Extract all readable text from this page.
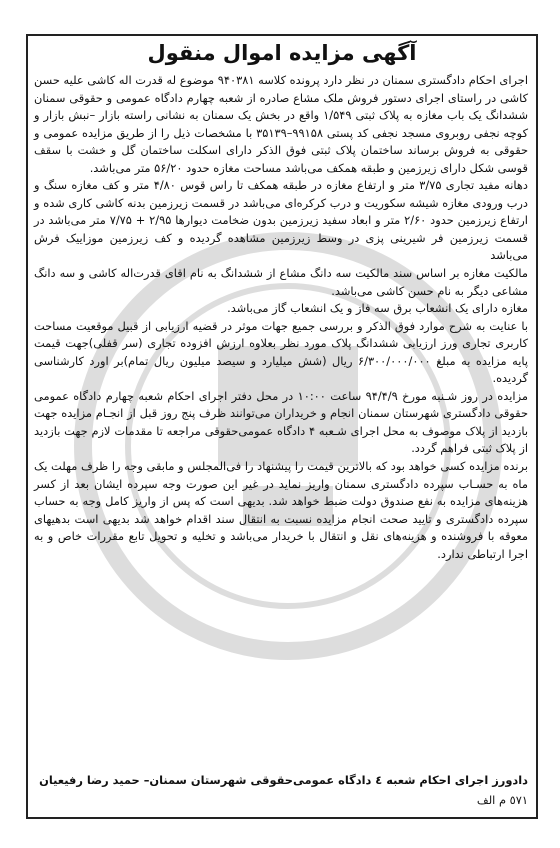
آگهی مزایده اموال منقول

اجرای احکام دادگستری سمنان در نظر دارد پرونده کلاسه ۹۴۰۳۸۱ موضوع له قدرت اله کاشی علیه حسن کاشی در راستای اجرای دستور فروش ملک مشاع صادره از شعبه چهارم دادگاه عمومی و حقوقی سمنان ششدانگ یک باب مغازه به پلاک ثبتی ۱/۵۴۹ واقع در بخش یک سمنان به نشانی راسته بازار –نبش بازار و کوچه نجفی روبروی مسجد نجفی کد پستی ۹۹۱۵۸–۳۵۱۳۹ با مشخصات ذیل را از طریق مزایده عمومی و حقوقی به فروش برساند ساختمان پلاک ثبتی فوق الذکر دارای اسکلت ساختمان گل و خشت با سقف قوسی شکل دارای زیرزمین و طبقه همکف می‌باشد مساحت مغازه حدود ۵۶/۲۰ متر می‌باشد.

دهانه مفید تجاری ۳/۷۵ متر و ارتفاع مغازه در طبقه همکف تا راس قوس ۴/۸۰ متر و کف مغازه سنگ و درب ورودی مغازه شیشه سکوریت و درب کرکره‌ای می‌باشد در قسمت زیرزمین بدنه کاشی کاری شده و ارتفاع زیرزمین حدود ۲/۶۰ متر و ابعاد سفید زیرزمین بدون ضخامت دیوارها ۲/۹۵ + ۷/۷۵ متر می‌باشد در قسمت زیرزمین فر شیرینی پزی در وسط زیرزمین مشاهده گردیده و کف زیرزمین موزاییک فرش می‌باشد

مالکیت مغازه بر اساس سند مالکیت سه دانگ مشاع از ششدانگ به نام اقای قدرت‌اله کاشی و سه دانگ مشاعی دیگر به نام حسن کاشی می‌باشد.

مغازه دارای یک انشعاب برق سه فاز و یک انشعاب گاز می‌باشد.

با عنایت به شرح موارد فوق الذکر و بررسی جمیع جهات موثر در قضیه ارزیابی از قبیل موقعیت مساحت کاربری تجاری ورز ارزیابی ششدانگ پلاک مورد نظر بعلاوه ارزش افزوده تجاری (سر قفلی)جهت قیمت پایه مزایده به مبلغ ۶/۳۰۰/۰۰۰/۰۰۰ ریال (شش میلیارد و سیصد میلیون ریال تمام)بر اورد کارشناسی گردیده.

مزایده در روز شـنبه مورخ ۹۴/۴/۹ ساعت ۱۰:۰۰ در محل دفتر اجرای احکام شعبه چهارم دادگاه عمومی حقوقی دادگستری شهرستان سمنان انجام و خریداران می‌توانند ظرف پنج روز قبل از انجـام مزایده جهت بازدید از پلاک موصوف به محل اجرای شـعبه ۴ دادگاه عمومی‌حقوقی مراجعه تا مقدمات لازم جهت بازدید از پلاک ثبتی فراهم گردد.

برنده مزایده کسی خواهد بود که بالاترین قیمت را پیشنهاد را فی‌المجلس و مابقی وجه را ظرف مهلت یک ماه به حسـاب سپرده دادگستری سمنان واریز نماید در غیر این صورت وجه سپرده ایشان بعد از کسر هزینه‌های مزایده به نفع صندوق دولت ضبط خواهد شد. بدیهی است که پس از واریز کامل وجه به حساب سپرده دادگستری و تایید صحت انجام مزایده نسبت به انتقال سند اقدام خواهد شد بدیهی است بدهیهای معوقه با فروشنده و هزینه‌های نقل و انتقال با خریدار می‌باشد و تخلیه و تحویل تابع مقررات خاص و به اجرا ارتباطی ندارد.

دادورز اجرای احکام شعبه ٤ دادگاه عمومی‌حقوقی شهرستان سمنان– حمید رضا رفیعیان
٥٧١ م الف
